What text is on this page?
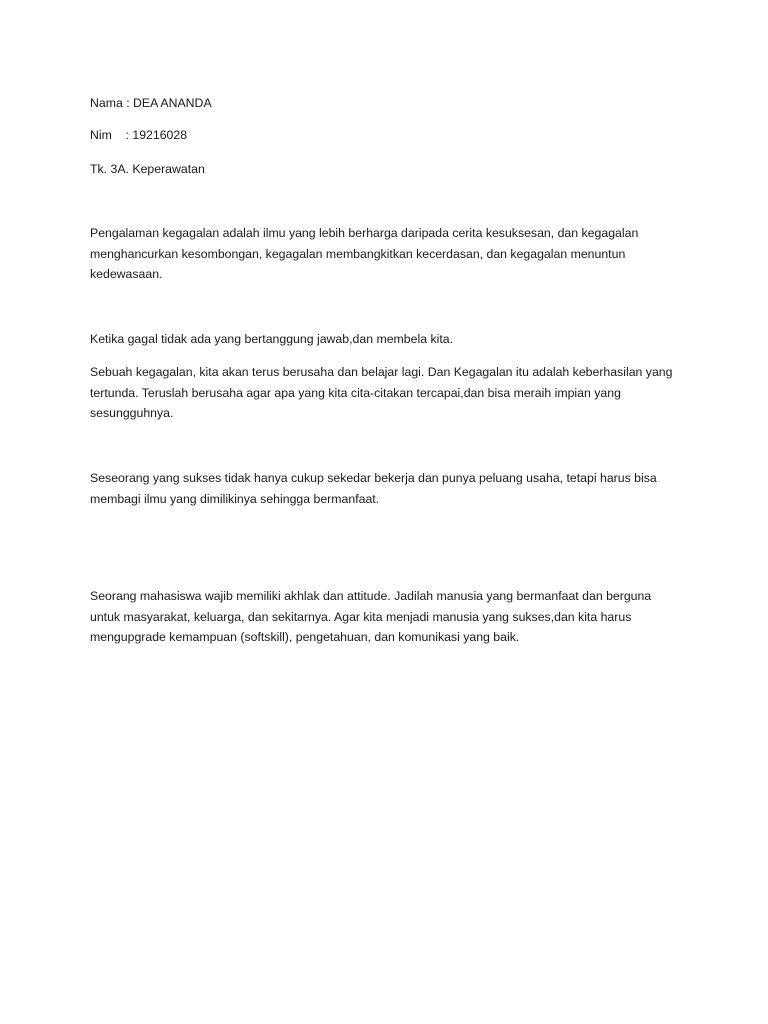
Nama : DEA ANANDA
Nim    : 19216028
Tk. 3A. Keperawatan
Pengalaman kegagalan adalah ilmu yang lebih berharga daripada cerita kesuksesan, dan kegagalan
menghancurkan kesombongan, kegagalan membangkitkan kecerdasan, dan kegagalan menuntun
kedewasaan.
Ketika gagal tidak ada yang bertanggung jawab,dan membela kita.
Sebuah kegagalan, kita akan terus berusaha dan belajar lagi. Dan Kegagalan itu adalah keberhasilan yang
tertunda. Teruslah berusaha agar apa yang kita cita-citakan tercapai,dan bisa meraih impian yang
sesungguhnya.
Seseorang yang sukses tidak hanya cukup sekedar bekerja dan punya peluang usaha, tetapi harus bisa
membagi ilmu yang dimilikinya sehingga bermanfaat.
Seorang mahasiswa wajib memiliki akhlak dan attitude. Jadilah manusia yang bermanfaat dan berguna
untuk masyarakat, keluarga, dan sekitarnya. Agar kita menjadi manusia yang sukses,dan kita harus
mengupgrade kemampuan (softskill), pengetahuan, dan komunikasi yang baik.
